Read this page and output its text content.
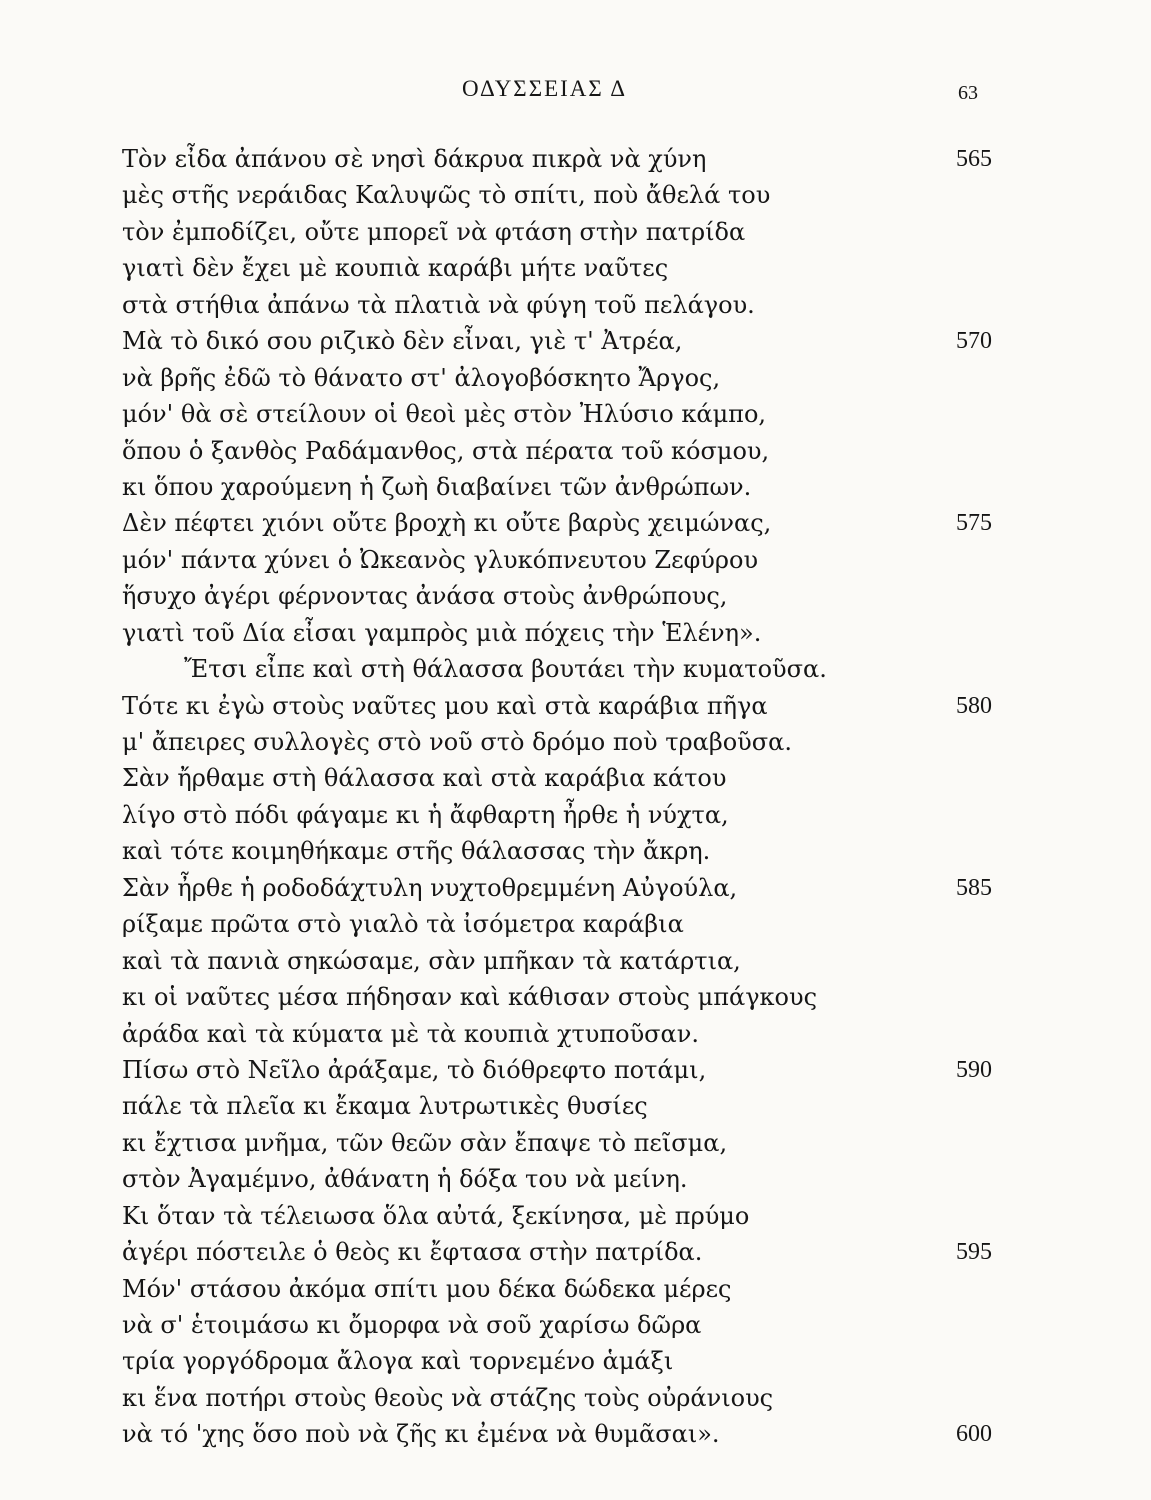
ΟΔΥΣΣΕΙΑΣ Δ	63
Τὸν εἶδα ἀπάνου σὲ νησὶ δάκρυα πικρὰ νὰ χύνη	565
μὲς στῆς νεράιδας Καλυψῶς τὸ σπίτι, ποὺ ἄθελά του
τὸν ἐμποδίζει, οὔτε μπορεῖ νὰ φτάση στὴν πατρίδα
γιατὶ δὲν ἔχει μὲ κουπιὰ καράβι μήτε ναῦτες
στὰ στήθια ἀπάνω τὰ πλατιὰ νὰ φύγη τοῦ πελάγου.
Μὰ τὸ δικό σου ριζικὸ δὲν εἶναι, γιὲ τ' Ἀτρέα,	570
νὰ βρῆς ἐδῶ τὸ θάνατο στ' ἀλογοβόσκητο Ἄργος,
μόν' θὰ σὲ στείλουν οἱ θεοὶ μὲς στὸν Ἠλύσιο κάμπο,
ὅπου ὁ ξανθὸς Ραδάμανθος, στὰ πέρατα τοῦ κόσμου,
κι ὅπου χαρούμενη ἡ ζωὴ διαβαίνει τῶν ἀνθρώπων.
Δὲν πέφτει χιόνι οὔτε βροχὴ κι οὔτε βαρὺς χειμώνας,	575
μόν' πάντα χύνει ὁ Ὠκεανὸς γλυκόπνευτου Ζεφύρου
ἥσυχο ἀγέρι φέρνοντας ἀνάσα στοὺς ἀνθρώπους,
γιατὶ τοῦ Δία εἶσαι γαμπρὸς μιὰ πόχεις τὴν Ἑλένη».
Ἔτσι εἶπε καὶ στὴ θάλασσα βουτάει τὴν κυματοῦσα.
Τότε κι ἐγὼ στοὺς ναῦτες μου καὶ στὰ καράβια πῆγα	580
μ' ἄπειρες συλλογὲς στὸ νοῦ στὸ δρόμο ποὺ τραβοῦσα.
Σὰν ἤρθαμε στὴ θάλασσα καὶ στὰ καράβια κάτου
λίγο στὸ πόδι φάγαμε κι ἡ ἄφθαρτη ἦρθε ἡ νύχτα,
καὶ τότε κοιμηθήκαμε στῆς θάλασσας τὴν ἄκρη.
Σὰν ἦρθε ἡ ροδοδάχτυλη νυχτοθρεμμένη Αὐγούλα,	585
ρίξαμε πρῶτα στὸ γιαλὸ τὰ ἰσόμετρα καράβια
καὶ τὰ πανιὰ σηκώσαμε, σὰν μπῆκαν τὰ κατάρτια,
κι οἱ ναῦτες μέσα πήδησαν καὶ κάθισαν στοὺς μπάγκους
ἀράδα καὶ τὰ κύματα μὲ τὰ κουπιὰ χτυποῦσαν.
Πίσω στὸ Νεῖλο ἀράξαμε, τὸ διόθρεφτο ποτάμι,	590
πάλε τὰ πλεῖα κι ἔκαμα λυτρωτικὲς θυσίες
κι ἔχτισα μνῆμα, τῶν θεῶν σὰν ἔπαψε τὸ πεῖσμα,
στὸν Ἀγαμέμνο, ἀθάνατη ἡ δόξα του νὰ μείνη.
Κι ὅταν τὰ τέλειωσα ὅλα αὐτά, ξεκίνησα, μὲ πρύμο
ἀγέρι πόστειλε ὁ θεὸς κι ἔφτασα στὴν πατρίδα.	595
Μόν' στάσου ἀκόμα σπίτι μου δέκα δώδεκα μέρες
νὰ σ' ἑτοιμάσω κι ὄμορφα νὰ σοῦ χαρίσω δῶρα
τρία γοργόδρομα ἄλογα καὶ τορνεμένο ἁμάξι
κι ἕνα ποτήρι στοὺς θεοὺς νὰ στάζης τοὺς οὐράνιους
νὰ τό 'χης ὅσο ποὺ νὰ ζῆς κι ἐμένα νὰ θυμᾶσαι».	600
